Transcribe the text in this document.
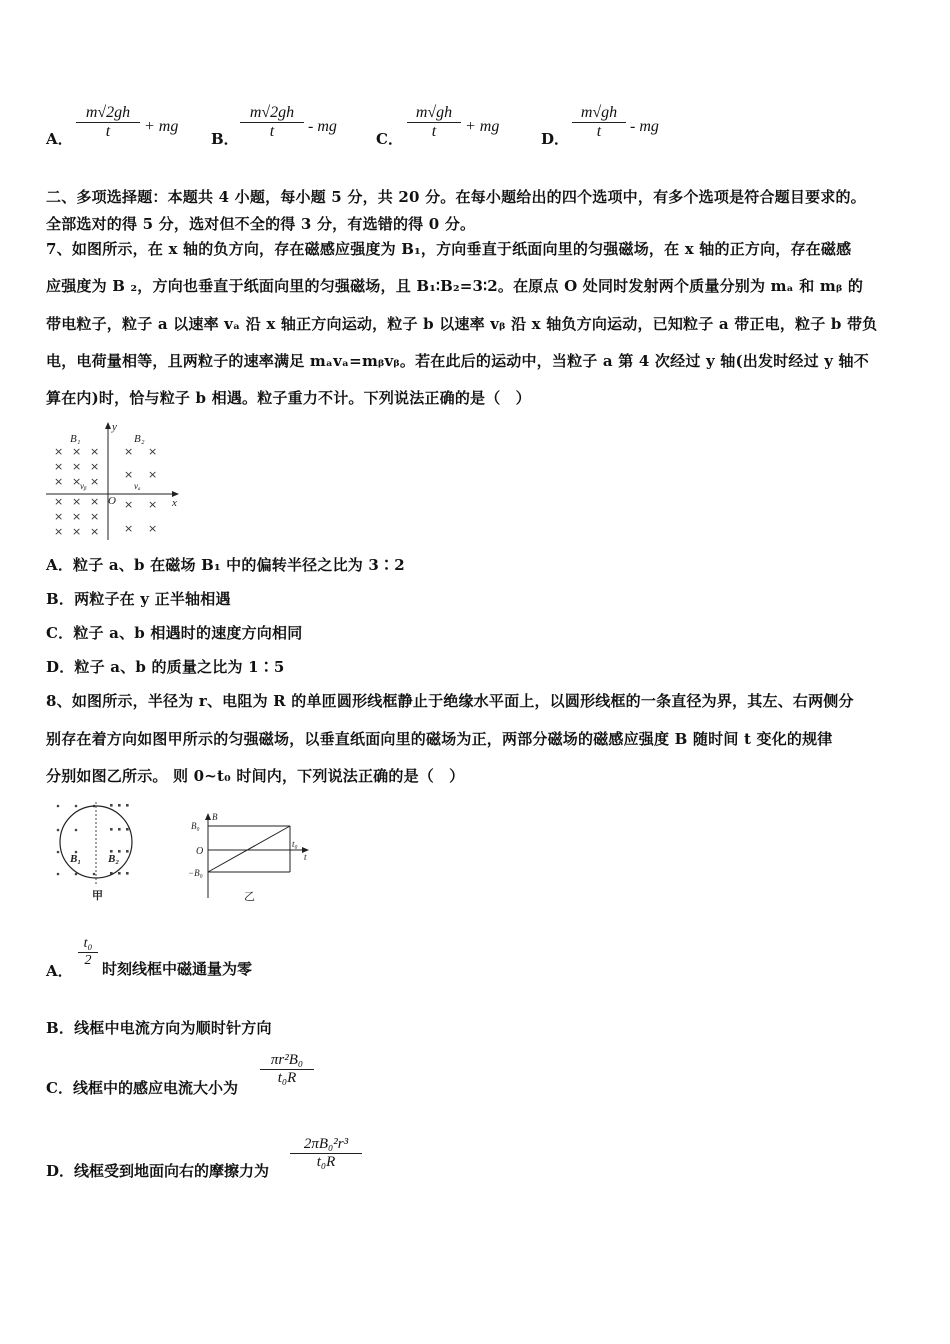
A． $\frac{m√2gh}{t}$ + mg
B． $\frac{m√2gh}{t}$ - mg
C． $\frac{m√gh}{t}$ + mg
D． $\frac{m√gh}{t}$ - mg
二、多项选择题：本题共 4 小题，每小题 5 分，共 20 分。在每小题给出的四个选项中，有多个选项是符合题目要求的。
全部选对的得 5 分，选对但不全的得 3 分，有选错的得 0 分。
7、如图所示，在 x 轴的负方向，存在磁感应强度为 B₁，方向垂直于纸面向里的匀强磁场，在 x 轴的正方向，存在磁感
应强度为 B ₂，方向也垂直于纸面向里的匀强磁场，且 B₁∶B₂=3∶2。在原点 O 处同时发射两个质量分别为 mₐ 和 mᵦ 的
带电粒子，粒子 a 以速率 vₐ 沿 x 轴正方向运动，粒子 b 以速率 vᵦ 沿 x 轴负方向运动，已知粒子 a 带正电，粒子 b 带负
电，电荷量相等，且两粒子的速率满足 mₐvₐ=mᵦvᵦ。若在此后的运动中，当粒子 a 第 4 次经过 y 轴(出发时经过 y 轴不
算在内)时，恰与粒子 b 相遇。粒子重力不计。下列说法正确的是（　）
× × ×
× × ×
× × ×
× × ×
× × ×
× × ×
× ×
× ×
× ×
× ×
B₁	B₂
y
x
O
vᵦ	vₐ
A．粒子 a、b 在磁场 B₁ 中的偏转半径之比为 3∶2
B．两粒子在 y 正半轴相遇
C．粒子 a、b 相遇时的速度方向相同
D．粒子 a、b 的质量之比为 1∶5
8、如图所示，半径为 r、电阻为 R 的单匝圆形线框静止于绝缘水平面上，以圆形线框的一条直径为界，其左、右两侧分
别存在着方向如图甲所示的匀强磁场，以垂直纸面向里的磁场为正，两部分磁场的磁感应强度 B 随时间 t 变化的规律
分别如图乙所示。 则 0~t₀ 时间内，下列说法正确的是（　）
B₁ B₂
甲
B
B₀
O
−B₀
t
t₀
乙
A．
$\frac{\text{t₀}}{2}$ 时刻线框中磁通量为零
B．线框中电流方向为顺时针方向
C．线框中的感应电流大小为
$\frac{\text{πr²B₀}}{\text{t₀R}}$
D．线框受到地面向右的摩擦力为 $\frac{\text{2πB₀²r³}}{\text{t₀R}}$
